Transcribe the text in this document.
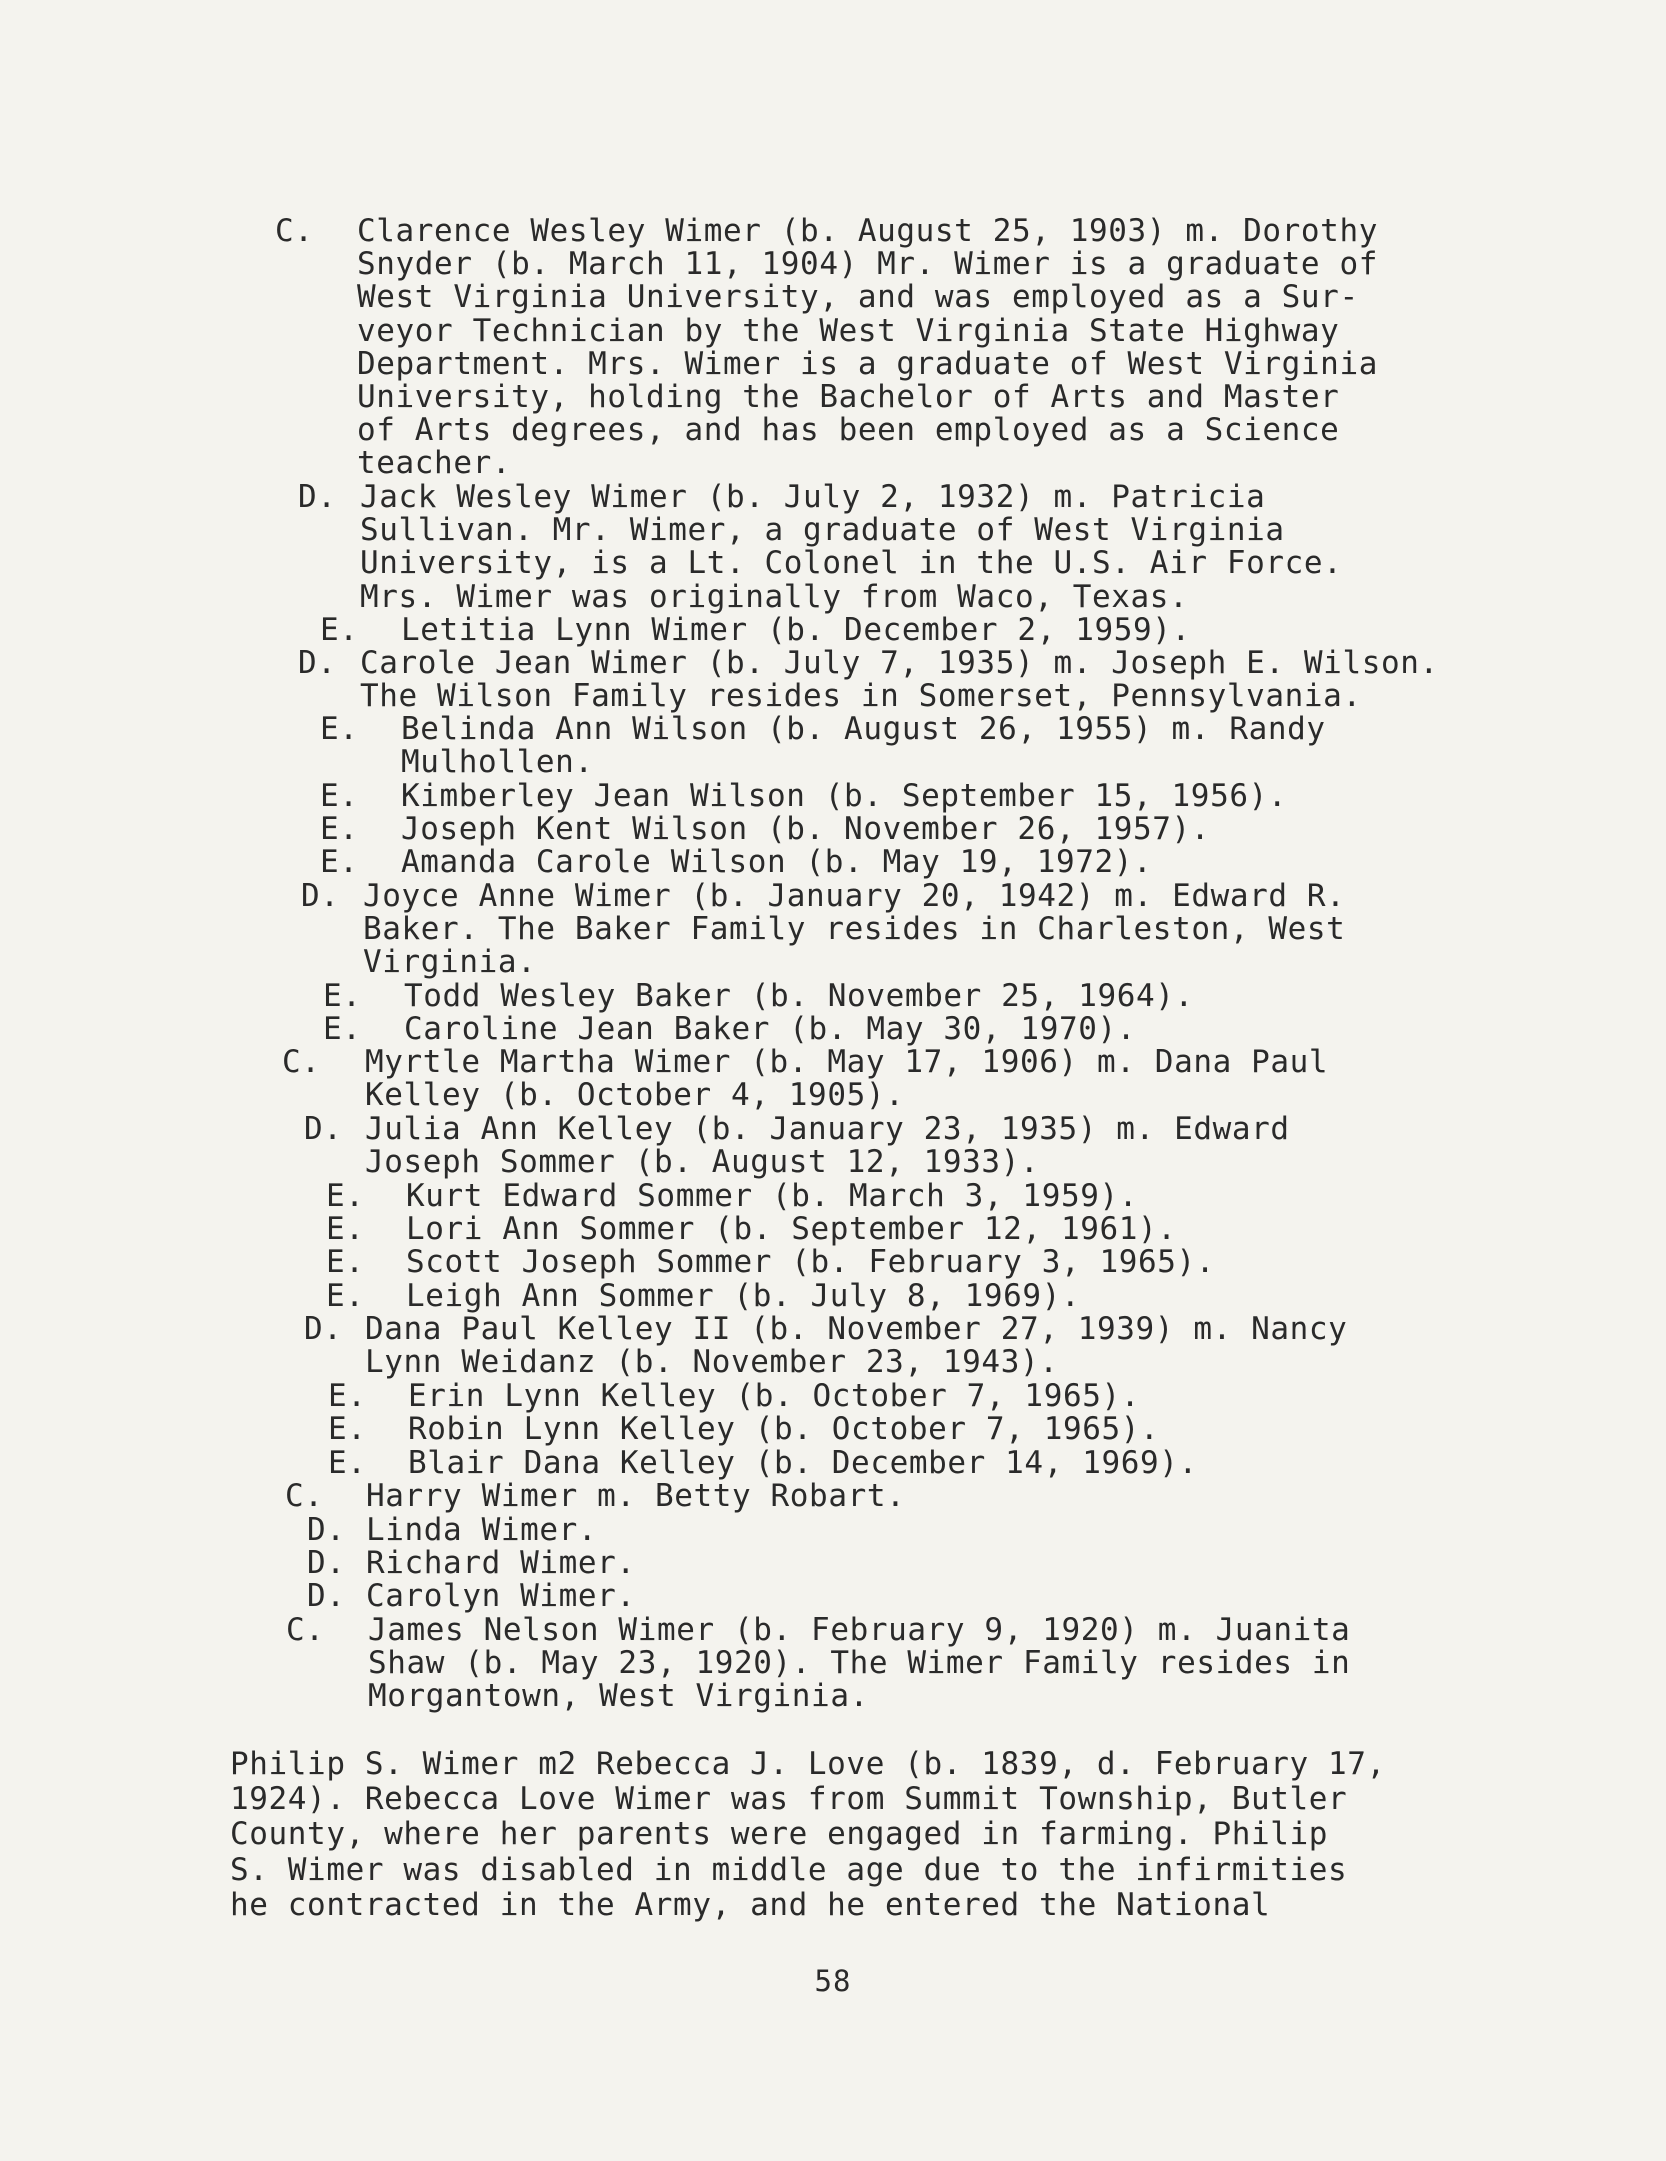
C. Clarence Wesley Wimer (b. August 25, 1903) m. Dorothy
Snyder (b. March 11, 1904) Mr. Wimer is a graduate of
West Virginia University, and was employed as a Sur-
veyor Technician by the West Virginia State Highway
Department. Mrs. Wimer is a graduate of West Virginia
University, holding the Bachelor of Arts and Master
of Arts degrees, and has been employed as a Science
teacher.
D. Jack Wesley Wimer (b. July 2, 1932) m. Patricia
Sullivan. Mr. Wimer, a graduate of West Virginia
University, is a Lt. Colonel in the U.S. Air Force.
Mrs. Wimer was originally from Waco, Texas.
E. Letitia Lynn Wimer (b. December 2, 1959).
D. Carole Jean Wimer (b. July 7, 1935) m. Joseph E. Wilson.
The Wilson Family resides in Somerset, Pennsylvania.
E. Belinda Ann Wilson (b. August 26, 1955) m. Randy
Mulhollen.
E. Kimberley Jean Wilson (b. September 15, 1956).
E. Joseph Kent Wilson (b. November 26, 1957).
E. Amanda Carole Wilson (b. May 19, 1972).
D. Joyce Anne Wimer (b. January 20, 1942) m. Edward R.
Baker. The Baker Family resides in Charleston, West
Virginia.
E. Todd Wesley Baker (b. November 25, 1964).
E. Caroline Jean Baker (b. May 30, 1970).
C. Myrtle Martha Wimer (b. May 17, 1906) m. Dana Paul
Kelley (b. October 4, 1905).
D. Julia Ann Kelley (b. January 23, 1935) m. Edward
Joseph Sommer (b. August 12, 1933).
E. Kurt Edward Sommer (b. March 3, 1959).
E. Lori Ann Sommer (b. September 12, 1961).
E. Scott Joseph Sommer (b. February 3, 1965).
E. Leigh Ann Sommer (b. July 8, 1969).
D. Dana Paul Kelley II (b. November 27, 1939) m. Nancy
Lynn Weidanz (b. November 23, 1943).
E. Erin Lynn Kelley (b. October 7, 1965).
E. Robin Lynn Kelley (b. October 7, 1965).
E. Blair Dana Kelley (b. December 14, 1969).
C. Harry Wimer m. Betty Robart.
D. Linda Wimer.
D. Richard Wimer.
D. Carolyn Wimer.
C. James Nelson Wimer (b. February 9, 1920) m. Juanita
Shaw (b. May 23, 1920). The Wimer Family resides in
Morgantown, West Virginia.
Philip S. Wimer m2 Rebecca J. Love (b. 1839, d. February 17,
1924). Rebecca Love Wimer was from Summit Township, Butler
County, where her parents were engaged in farming. Philip
S. Wimer was disabled in middle age due to the infirmities
he contracted in the Army, and he entered the National
58
